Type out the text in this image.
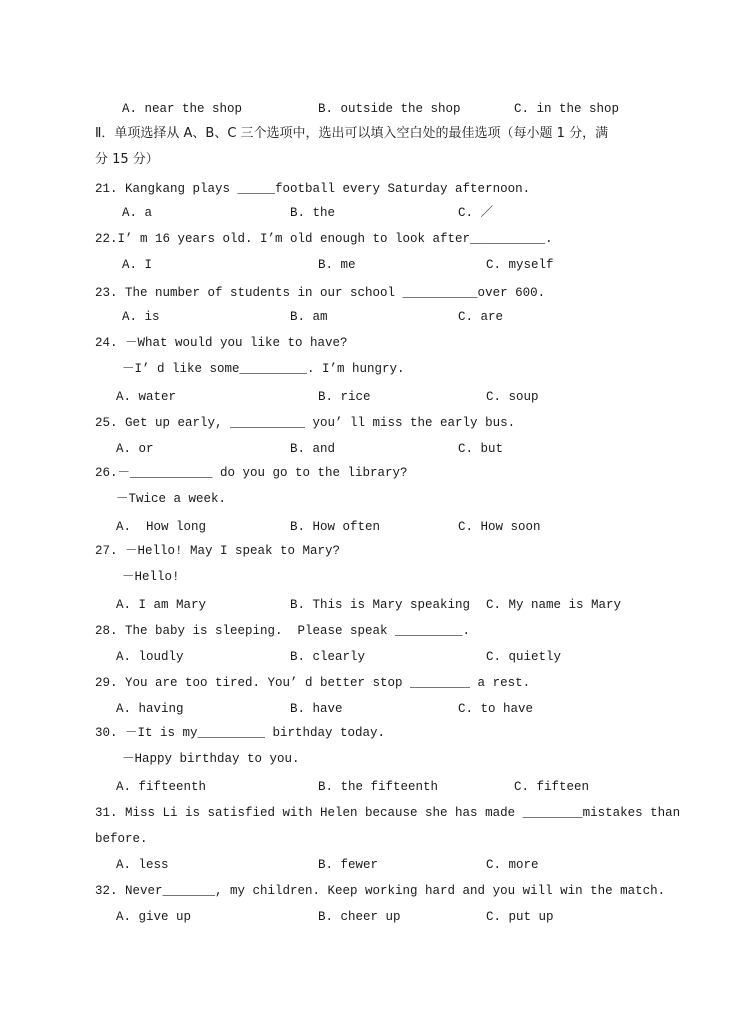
A. near the shop	B. outside the shop	C. in the shop
Ⅱ．单项选择从 A、B、C 三个选项中，选出可以填入空白处的最佳选项（每小题 1 分，满
分 15 分）
21. Kangkang plays _____football every Saturday afternoon.
A. a	B. the	C. ／
22.I’ m 16 years old. I’m old enough to look after__________.
A. I	B. me	C. myself
23. The number of students in our school __________over 600.
A. is	B. am	C. are
24. －What would you like to have?
－I’ d like some_________. I’m hungry.
A. water	B. rice	C. soup
25. Get up early, __________ you’ ll miss the early bus.
A. or	B. and	C. but
26.－___________ do you go to the library?
－Twice a week.
A.  How long	B. How often	C. How soon
27. －Hello! May I speak to Mary?
－Hello!
A. I am Mary	B. This is Mary speaking C. My name is Mary
28. The baby is sleeping.  Please speak _________.
A. loudly	B. clearly	C. quietly
29. You are too tired. You’ d better stop ________ a rest.
A. having	B. have	C. to have
30. －It is my_________ birthday today.
－Happy birthday to you.
A. fifteenth	B. the fifteenth	C. fifteen
31. Miss Li is satisfied with Helen because she has made ________mistakes than
before.
A. less	B. fewer	C. more
32. Never_______, my children. Keep working hard and you will win the match.
A. give up	B. cheer up	C. put up
